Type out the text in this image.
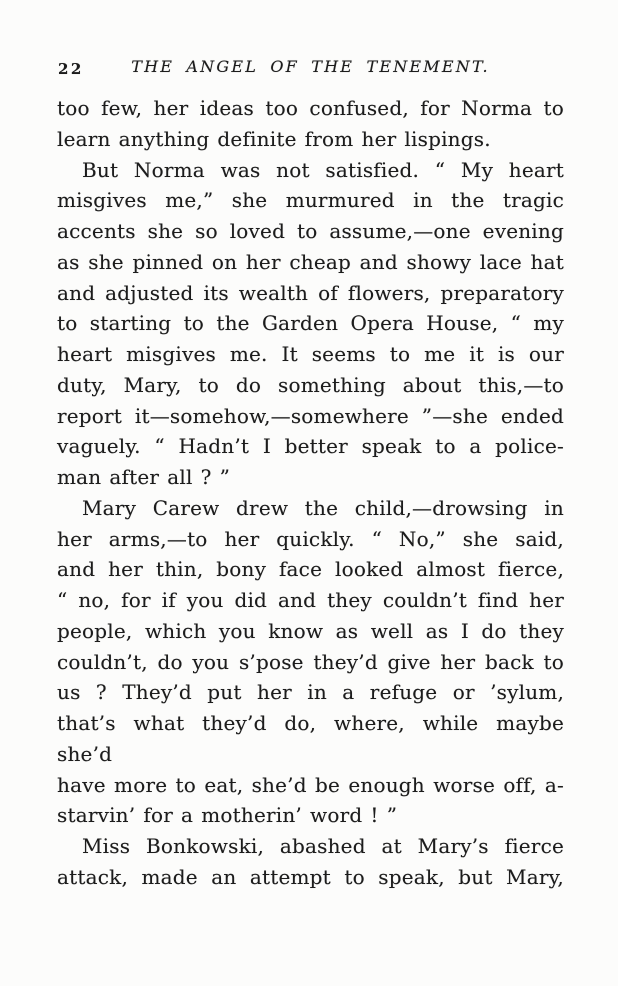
22	THE ANGEL OF THE TENEMENT.
too few, her ideas too confused, for Norma to
learn anything definite from her lispings.
But Norma was not satisfied. “ My heart
misgives me,” she murmured in the tragic
accents she so loved to assume,—one evening
as she pinned on her cheap and showy lace hat
and adjusted its wealth of flowers, preparatory
to starting to the Garden Opera House, “ my
heart misgives me. It seems to me it is our
duty, Mary, to do something about this,—to
report it—somehow,—somewhere ”—she ended
vaguely. “ Hadn’t I better speak to a police-
man after all ? ”
Mary Carew drew the child,—drowsing in
her arms,—to her quickly. “ No,” she said,
and her thin, bony face looked almost fierce,
“ no, for if you did and they couldn’t find her
people, which you know as well as I do they
couldn’t, do you s’pose they’d give her back to
us ? They’d put her in a refuge or ’sylum,
that’s what they’d do, where, while maybe she’d
have more to eat, she’d be enough worse off, a-
starvin’ for a motherin’ word ! ”
Miss Bonkowski, abashed at Mary’s fierce
attack, made an attempt to speak, but Mary,
